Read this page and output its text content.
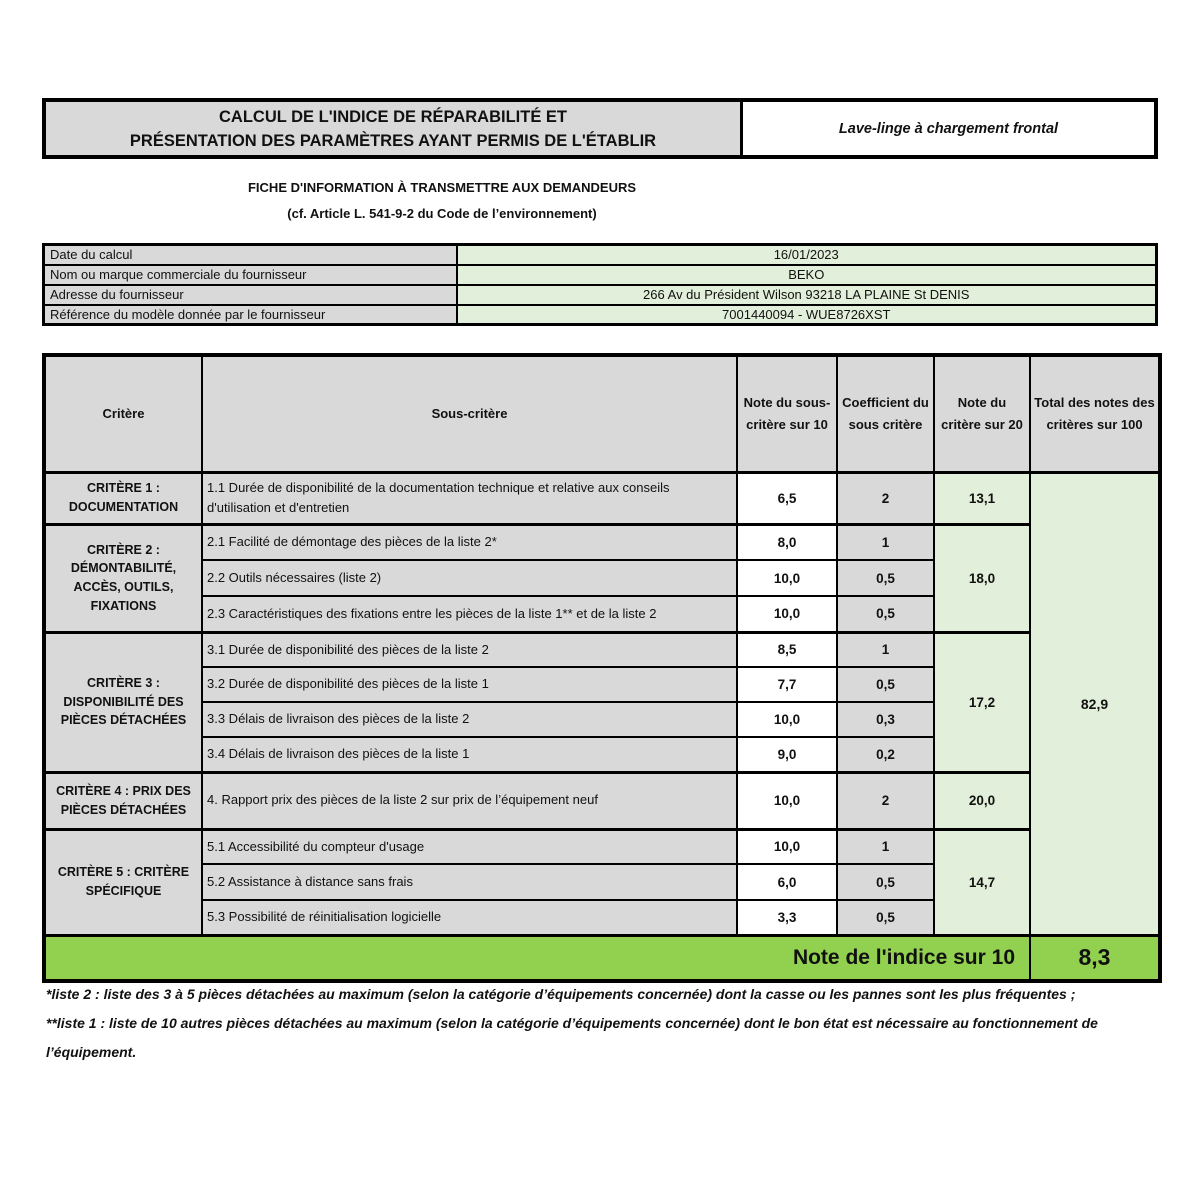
CALCUL DE L'INDICE DE RÉPARABILITÉ ET
PRÉSENTATION DES PARAMÈTRES AYANT PERMIS DE L'ÉTABLIR
Lave-linge à chargement frontal
FICHE D'INFORMATION À TRANSMETTRE AUX DEMANDEURS
(cf. Article L. 541-9-2 du Code de l’environnement)
Date du calcul	16/01/2023
Nom ou marque commerciale du fournisseur	BEKO
Adresse du fournisseur	266 Av du Président Wilson 93218 LA PLAINE St DENIS
Référence du modèle donnée par le fournisseur	7001440094 - WUE8726XST
Critère	Sous-critère	Note du sous-critère sur 10	Coefficient du sous critère	Note du critère sur 20	Total des notes des critères sur 100
CRITÈRE 1 : DOCUMENTATION	1.1 Durée de disponibilité de la documentation technique et relative aux conseils d'utilisation et d'entretien	6,5	2	13,1	82,9
CRITÈRE 2 : DÉMONTABILITÉ, ACCÈS, OUTILS, FIXATIONS	2.1 Facilité de démontage des pièces de la liste 2*	8,0	1	18,0	
	2.2 Outils nécessaires (liste 2)	10,0	0,5		
	2.3 Caractéristiques des fixations entre les pièces de la liste 1** et de la liste 2	10,0	0,5		
CRITÈRE 3 : DISPONIBILITÉ DES PIÈCES DÉTACHÉES	3.1 Durée de disponibilité des pièces de la liste 2	8,5	1	17,2	
	3.2 Durée de disponibilité des pièces de la liste 1	7,7	0,5		
	3.3 Délais de livraison des pièces de la liste 2	10,0	0,3		
	3.4 Délais de livraison des pièces de la liste 1	9,0	0,2		
CRITÈRE 4 : PRIX DES PIÈCES DÉTACHÉES	4. Rapport prix des pièces de la liste 2 sur prix de l’équipement neuf	10,0	2	20,0	
CRITÈRE 5 : CRITÈRE SPÉCIFIQUE	5.1 Accessibilité du compteur d'usage	10,0	1	14,7	
	5.2 Assistance à distance sans frais	6,0	0,5		
	5.3 Possibilité de réinitialisation logicielle	3,3	0,5		
Note de l'indice sur 10					8,3
*liste 2 : liste des 3 à 5 pièces détachées au maximum (selon la catégorie d’équipements concernée) dont la casse ou les pannes sont les plus fréquentes ;
**liste 1 : liste de 10 autres pièces détachées au maximum (selon la catégorie d’équipements concernée) dont le bon état est nécessaire au fonctionnement de l’équipement.
